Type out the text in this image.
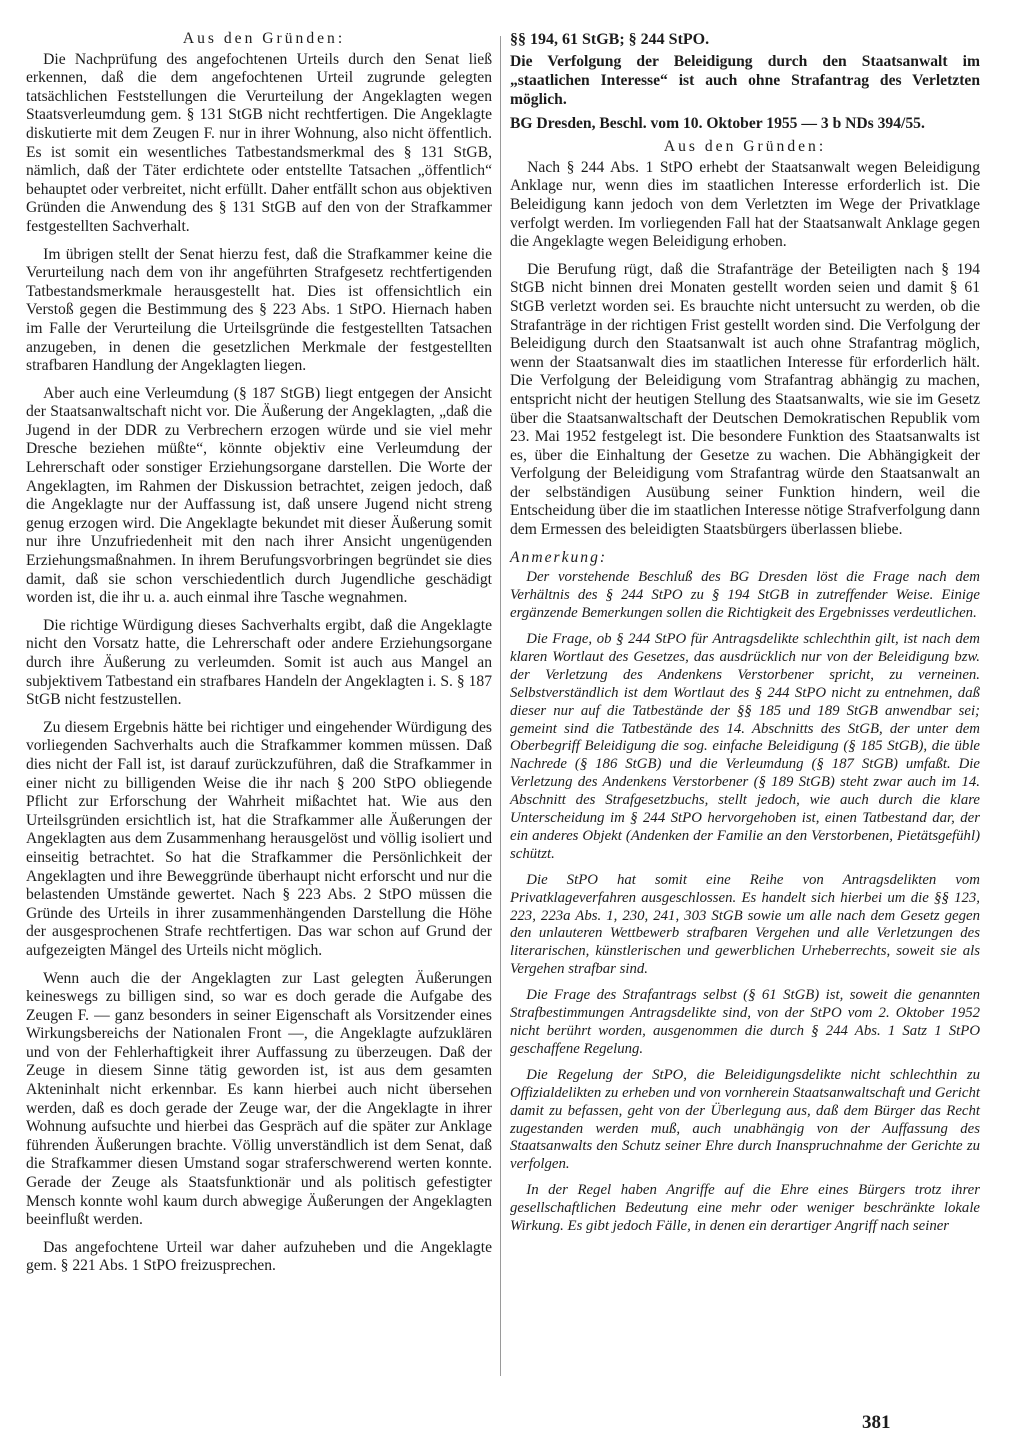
Aus den Gründen:

Die Nachprüfung des angefochtenen Urteils durch den Senat ließ erkennen, daß die dem angefochtenen Urteil zugrunde gelegten tatsächlichen Feststellungen die Verurteilung der Angeklagten wegen Staatsverleumdung gem. § 131 StGB nicht rechtfertigen. Die Angeklagte diskutierte mit dem Zeugen F. nur in ihrer Wohnung, also nicht öffentlich. Es ist somit ein wesentliches Tatbestandsmerkmal des § 131 StGB, nämlich, daß der Täter erdichtete oder entstellte Tatsachen „öffentlich“ behauptet oder verbreitet, nicht erfüllt. Daher entfällt schon aus objektiven Gründen die Anwendung des § 131 StGB auf den von der Strafkammer festgestellten Sachverhalt.

Im übrigen stellt der Senat hierzu fest, daß die Strafkammer keine die Verurteilung nach dem von ihr angeführten Strafgesetz rechtfertigenden Tatbestandsmerkmale herausgestellt hat. Dies ist offensichtlich ein Verstoß gegen die Bestimmung des § 223 Abs. 1 StPO. Hiernach haben im Falle der Verurteilung die Urteilsgründe die festgestellten Tatsachen anzugeben, in denen die gesetzlichen Merkmale der festgestellten strafbaren Handlung der Angeklagten liegen.

Aber auch eine Verleumdung (§ 187 StGB) liegt entgegen der Ansicht der Staatsanwaltschaft nicht vor. Die Äußerung der Angeklagten, „daß die Jugend in der DDR zu Verbrechern erzogen würde und sie viel mehr Dresche beziehen müßte“, könnte objektiv eine Verleumdung der Lehrerschaft oder sonstiger Erziehungsorgane darstellen. Die Worte der Angeklagten, im Rahmen der Diskussion betrachtet, zeigen jedoch, daß die Angeklagte nur der Auffassung ist, daß unsere Jugend nicht streng genug erzogen wird. Die Angeklagte bekundet mit dieser Äußerung somit nur ihre Unzufriedenheit mit den nach ihrer Ansicht ungenügenden Erziehungsmaßnahmen. In ihrem Berufungsvorbringen begründet sie dies damit, daß sie schon verschiedentlich durch Jugendliche geschädigt worden ist, die ihr u. a. auch einmal ihre Tasche wegnahmen.

Die richtige Würdigung dieses Sachverhalts ergibt, daß die Angeklagte nicht den Vorsatz hatte, die Lehrerschaft oder andere Erziehungsorgane durch ihre Äußerung zu verleumden. Somit ist auch aus Mangel an subjektivem Tatbestand ein strafbares Handeln der Angeklagten i. S. § 187 StGB nicht festzustellen.

Zu diesem Ergebnis hätte bei richtiger und eingehender Würdigung des vorliegenden Sachverhalts auch die Strafkammer kommen müssen. Daß dies nicht der Fall ist, ist darauf zurückzuführen, daß die Strafkammer in einer nicht zu billigenden Weise die ihr nach § 200 StPO obliegende Pflicht zur Erforschung der Wahrheit mißachtet hat. Wie aus den Urteilsgründen ersichtlich ist, hat die Strafkammer alle Äußerungen der Angeklagten aus dem Zusammenhang herausgelöst und völlig isoliert und einseitig betrachtet. So hat die Strafkammer die Persönlichkeit der Angeklagten und ihre Beweggründe überhaupt nicht erforscht und nur die belastenden Umstände gewertet. Nach § 223 Abs. 2 StPO müssen die Gründe des Urteils in ihrer zusammenhängenden Darstellung die Höhe der ausgesprochenen Strafe rechtfertigen. Das war schon auf Grund der aufgezeigten Mängel des Urteils nicht möglich.

Wenn auch die der Angeklagten zur Last gelegten Äußerungen keineswegs zu billigen sind, so war es doch gerade die Aufgabe des Zeugen F. — ganz besonders in seiner Eigenschaft als Vorsitzender eines Wirkungsbereichs der Nationalen Front —, die Angeklagte aufzuklären und von der Fehlerhaftigkeit ihrer Auffassung zu überzeugen. Daß der Zeuge in diesem Sinne tätig geworden ist, ist aus dem gesamten Akteninhalt nicht erkennbar. Es kann hierbei auch nicht übersehen werden, daß es doch gerade der Zeuge war, der die Angeklagte in ihrer Wohnung aufsuchte und hierbei das Gespräch auf die später zur Anklage führenden Äußerungen brachte. Völlig unverständlich ist dem Senat, daß die Strafkammer diesen Umstand sogar straferschwerend werten konnte. Gerade der Zeuge als Staatsfunktionär und als politisch gefestigter Mensch konnte wohl kaum durch abwegige Äußerungen der Angeklagten beeinflußt werden.

Das angefochtene Urteil war daher aufzuheben und die Angeklagte gem. § 221 Abs. 1 StPO freizusprechen.

§§ 194, 61 StGB; § 244 StPO.
Die Verfolgung der Beleidigung durch den Staatsanwalt im „staatlichen Interesse“ ist auch ohne Strafantrag des Verletzten möglich.
BG Dresden, Beschl. vom 10. Oktober 1955 — 3 b NDs 394/55.
Aus den Gründen:

Nach § 244 Abs. 1 StPO erhebt der Staatsanwalt wegen Beleidigung Anklage nur, wenn dies im staatlichen Interesse erforderlich ist. Die Beleidigung kann jedoch von dem Verletzten im Wege der Privatklage verfolgt werden. Im vorliegenden Fall hat der Staatsanwalt Anklage gegen die Angeklagte wegen Beleidigung erhoben.

Die Berufung rügt, daß die Strafanträge der Beteiligten nach § 194 StGB nicht binnen drei Monaten gestellt worden seien und damit § 61 StGB verletzt worden sei. Es brauchte nicht untersucht zu werden, ob die Strafanträge in der richtigen Frist gestellt worden sind. Die Verfolgung der Beleidigung durch den Staatsanwalt ist auch ohne Strafantrag möglich, wenn der Staatsanwalt dies im staatlichen Interesse für erforderlich hält. Die Verfolgung der Beleidigung vom Strafantrag abhängig zu machen, entspricht nicht der heutigen Stellung des Staatsanwalts, wie sie im Gesetz über die Staatsanwaltschaft der Deutschen Demokratischen Republik vom 23. Mai 1952 festgelegt ist. Die besondere Funktion des Staatsanwalts ist es, über die Einhaltung der Gesetze zu wachen. Die Abhängigkeit der Verfolgung der Beleidigung vom Strafantrag würde den Staatsanwalt an der selbständigen Ausübung seiner Funktion hindern, weil die Entscheidung über die im staatlichen Interesse nötige Strafverfolgung dann dem Ermessen des beleidigten Staatsbürgers überlassen bliebe.

Anmerkung:

Der vorstehende Beschluß des BG Dresden löst die Frage nach dem Verhältnis des § 244 StPO zu § 194 StGB in zutreffender Weise. Einige ergänzende Bemerkungen sollen die Richtigkeit des Ergebnisses verdeutlichen.

Die Frage, ob § 244 StPO für Antragsdelikte schlechthin gilt, ist nach dem klaren Wortlaut des Gesetzes, das ausdrücklich nur von der Beleidigung bzw. der Verletzung des Andenkens Verstorbener spricht, zu verneinen. Selbstverständlich ist dem Wortlaut des § 244 StPO nicht zu entnehmen, daß dieser nur auf die Tatbestände der §§ 185 und 189 StGB anwendbar sei; gemeint sind die Tatbestände des 14. Abschnitts des StGB, der unter dem Oberbegriff Beleidigung die sog. einfache Beleidigung (§ 185 StGB), die üble Nachrede (§ 186 StGB) und die Verleumdung (§ 187 StGB) umfaßt. Die Verletzung des Andenkens Verstorbener (§ 189 StGB) steht zwar auch im 14. Abschnitt des Strafgesetzbuchs, stellt jedoch, wie auch durch die klare Unterscheidung im § 244 StPO hervorgehoben ist, einen Tatbestand dar, der ein anderes Objekt (Andenken der Familie an den Verstorbenen, Pietätsgefühl) schützt.

Die StPO hat somit eine Reihe von Antragsdelikten vom Privatklageverfahren ausgeschlossen. Es handelt sich hierbei um die §§ 123, 223, 223a Abs. 1, 230, 241, 303 StGB sowie um alle nach dem Gesetz gegen den unlauteren Wettbewerb strafbaren Vergehen und alle Verletzungen des literarischen, künstlerischen und gewerblichen Urheberrechts, soweit sie als Vergehen strafbar sind.

Die Frage des Strafantrags selbst (§ 61 StGB) ist, soweit die genannten Strafbestimmungen Antragsdelikte sind, von der StPO vom 2. Oktober 1952 nicht berührt worden, ausgenommen die durch § 244 Abs. 1 Satz 1 StPO geschaffene Regelung.

Die Regelung der StPO, die Beleidigungsdelikte nicht schlechthin zu Offizialdelikten zu erheben und von vornherein Staatsanwaltschaft und Gericht damit zu befassen, geht von der Überlegung aus, daß dem Bürger das Recht zugestanden werden muß, auch unabhängig von der Auffassung des Staatsanwalts den Schutz seiner Ehre durch Inanspruchnahme der Gerichte zu verfolgen.

In der Regel haben Angriffe auf die Ehre eines Bürgers trotz ihrer gesellschaftlichen Bedeutung eine mehr oder weniger beschränkte lokale Wirkung. Es gibt jedoch Fälle, in denen ein derartiger Angriff nach seiner

381
